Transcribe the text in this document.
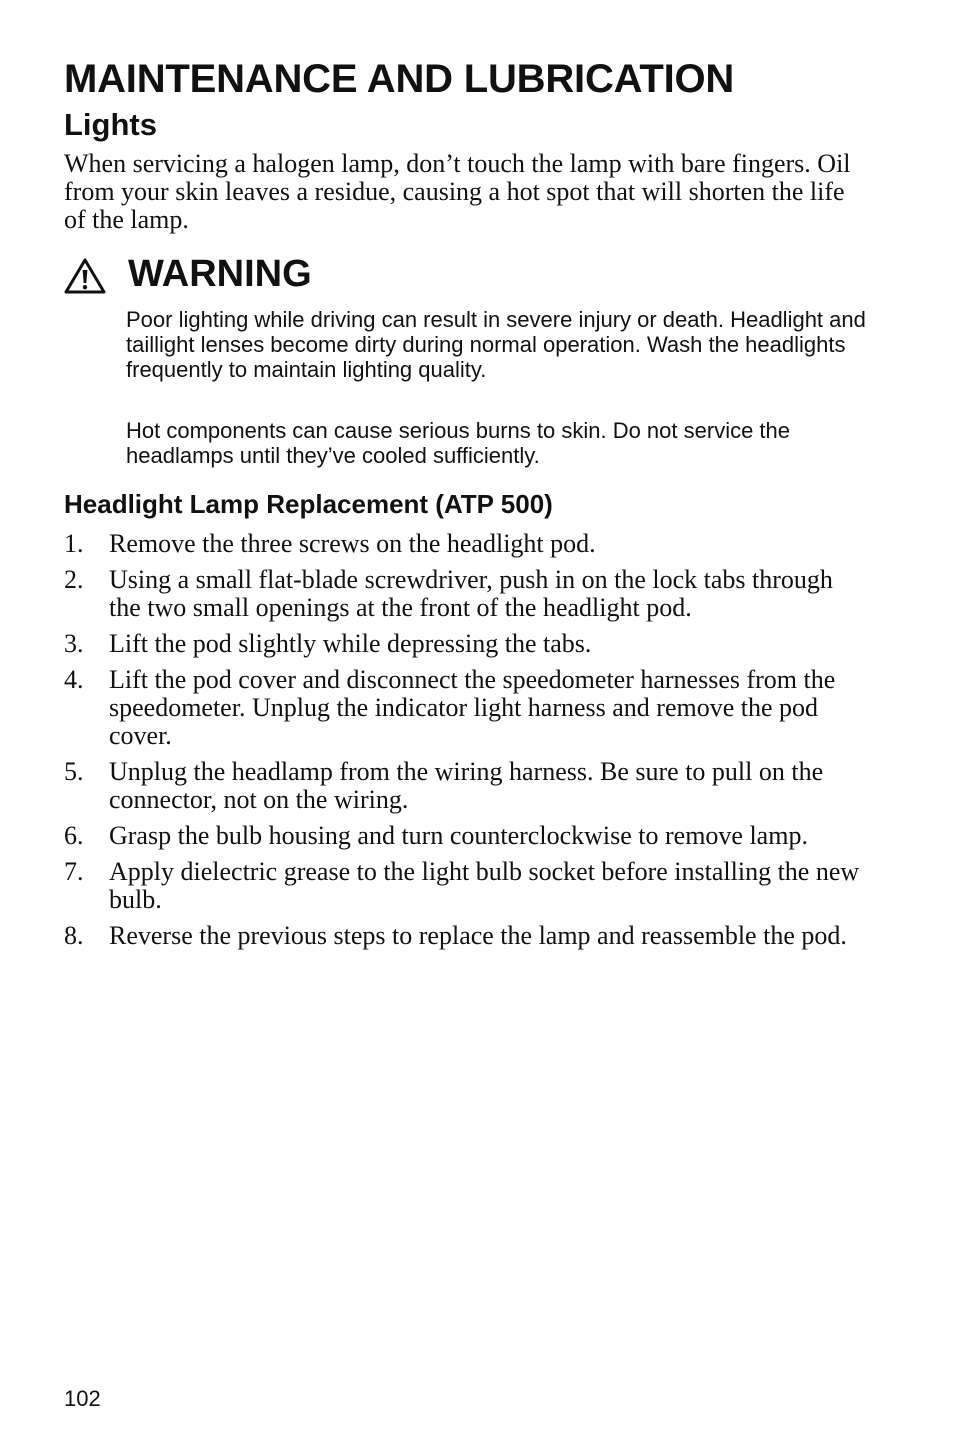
MAINTENANCE AND LUBRICATION
Lights

When servicing a halogen lamp, don’t touch the lamp with bare fingers. Oil from your skin leaves a residue, causing a hot spot that will shorten the life of the lamp.

WARNING

Poor lighting while driving can result in severe injury or death. Headlight and taillight lenses become dirty during normal operation. Wash the headlights frequently to maintain lighting quality.

Hot components can cause serious burns to skin. Do not service the headlamps until they’ve cooled sufficiently.

Headlight Lamp Replacement (ATP 500)
1. Remove the three screws on the headlight pod.
2. Using a small flat-blade screwdriver, push in on the lock tabs through the two small openings at the front of the headlight pod.
3. Lift the pod slightly while depressing the tabs.
4. Lift the pod cover and disconnect the speedometer harnesses from the speedometer. Unplug the indicator light harness and remove the pod cover.
5. Unplug the headlamp from the wiring harness. Be sure to pull on the connector, not on the wiring.
6. Grasp the bulb housing and turn counterclockwise to remove lamp.
7. Apply dielectric grease to the light bulb socket before installing the new bulb.
8. Reverse the previous steps to replace the lamp and reassemble the pod.

102
